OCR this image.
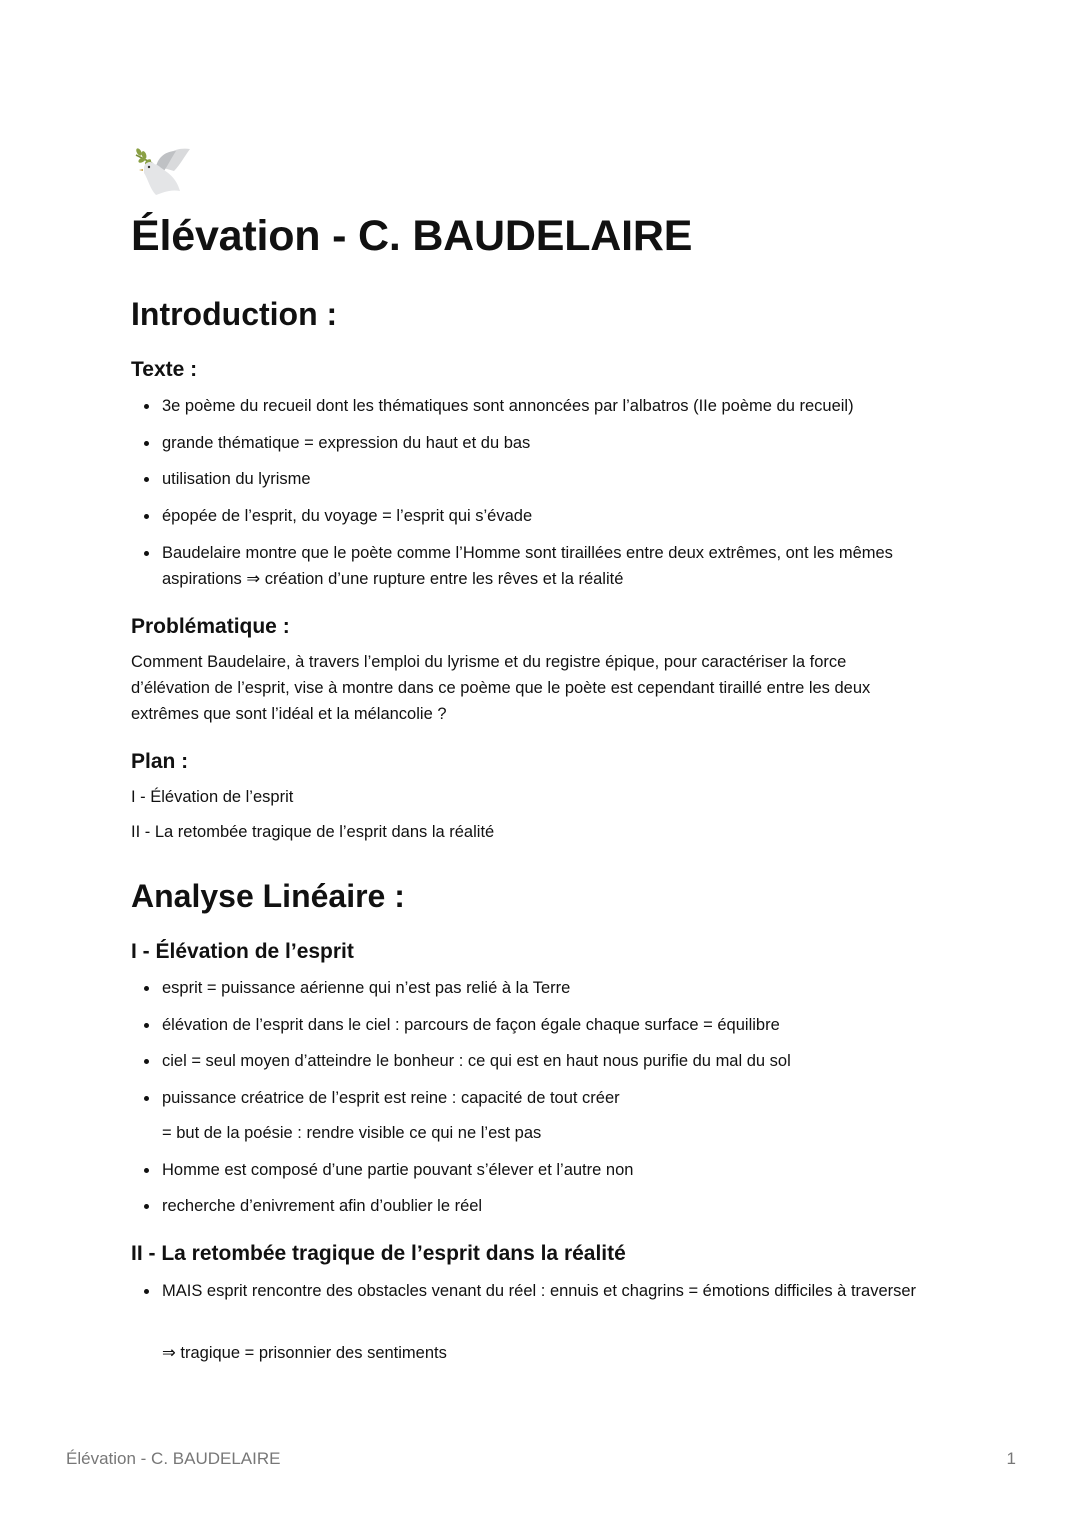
Élévation - C. BAUDELAIRE
Introduction :
Texte :

3e poème du recueil dont les thématiques sont annoncées par l’albatros (IIe poème du recueil)

grande thématique = expression du haut et du bas

utilisation du lyrisme

épopée de l’esprit, du voyage = l’esprit qui s’évade

Baudelaire montre que le poète comme l’Homme sont tiraillées entre deux extrêmes, ont les mêmes aspirations ⇒ création d’une rupture entre les rêves et la réalité

Problématique :

Comment Baudelaire, à travers l’emploi du lyrisme et du registre épique, pour caractériser la force d’élévation de l’esprit, vise à montre dans ce poème que le poète est cependant tiraillé entre les deux extrêmes que sont l’idéal et la mélancolie ?

Plan :

I - Élévation de l’esprit

II - La retombée tragique de l’esprit dans la réalité

Analyse Linéaire :
I - Élévation de l’esprit

esprit = puissance aérienne qui n’est pas relié à la Terre

élévation de l’esprit dans le ciel : parcours de façon égale chaque surface = équilibre

ciel = seul moyen d’atteindre le bonheur : ce qui est en haut nous purifie du mal du sol

puissance créatrice de l’esprit est reine : capacité de tout créer

= but de la poésie : rendre visible ce qui ne l’est pas

Homme est composé d’une partie pouvant s’élever et l’autre non

recherche d’enivrement afin d’oublier le réel

II - La retombée tragique de l’esprit dans la réalité

MAIS esprit rencontre des obstacles venant du réel : ennuis et chagrins = émotions difficiles à traverser

⇒ tragique = prisonnier des sentiments

Élévation - C. BAUDELAIRE	1
